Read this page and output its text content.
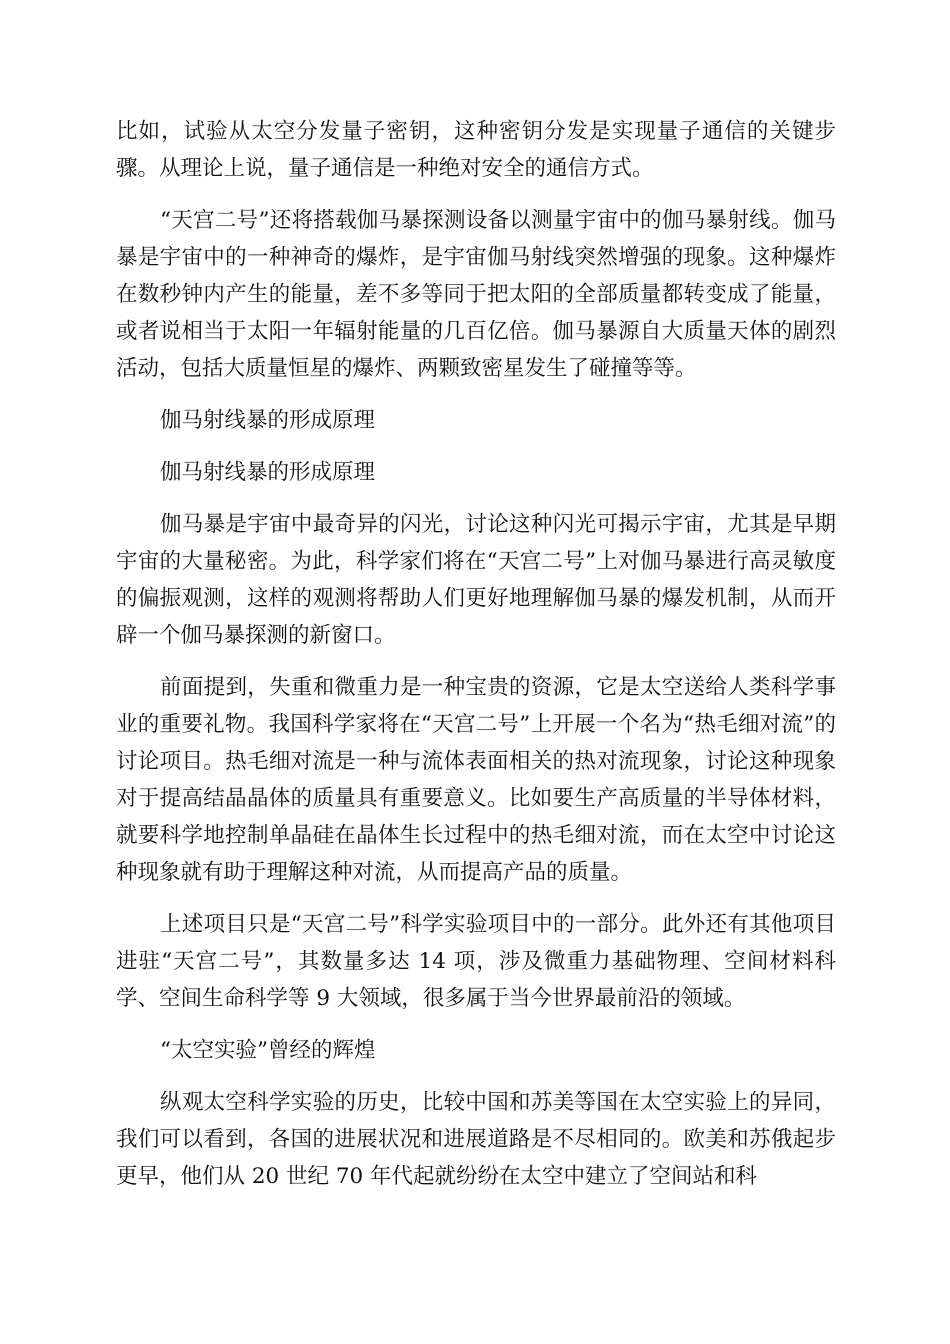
比如，试验从太空分发量子密钥，这种密钥分发是实现量子通信的关键步骤。从理论上说，量子通信是一种绝对安全的通信方式。

“天宫二号”还将搭载伽马暴探测设备以测量宇宙中的伽马暴射线。伽马暴是宇宙中的一种神奇的爆炸，是宇宙伽马射线突然增强的现象。这种爆炸在数秒钟内产生的能量，差不多等同于把太阳的全部质量都转变成了能量，或者说相当于太阳一年辐射能量的几百亿倍。伽马暴源自大质量天体的剧烈活动，包括大质量恒星的爆炸、两颗致密星发生了碰撞等等。

伽马射线暴的形成原理

伽马射线暴的形成原理

伽马暴是宇宙中最奇异的闪光，讨论这种闪光可揭示宇宙，尤其是早期宇宙的大量秘密。为此，科学家们将在“天宫二号”上对伽马暴进行高灵敏度的偏振观测，这样的观测将帮助人们更好地理解伽马暴的爆发机制，从而开辟一个伽马暴探测的新窗口。

前面提到，失重和微重力是一种宝贵的资源，它是太空送给人类科学事业的重要礼物。我国科学家将在“天宫二号”上开展一个名为“热毛细对流”的讨论项目。热毛细对流是一种与流体表面相关的热对流现象，讨论这种现象对于提高结晶晶体的质量具有重要意义。比如要生产高质量的半导体材料，就要科学地控制单晶硅在晶体生长过程中的热毛细对流，而在太空中讨论这种现象就有助于理解这种对流，从而提高产品的质量。

上述项目只是“天宫二号”科学实验项目中的一部分。此外还有其他项目进驻“天宫二号”，其数量多达 14 项，涉及微重力基础物理、空间材料科学、空间生命科学等 9 大领域，很多属于当今世界最前沿的领域。

“太空实验”曾经的辉煌

纵观太空科学实验的历史，比较中国和苏美等国在太空实验上的异同，我们可以看到，各国的进展状况和进展道路是不尽相同的。欧美和苏俄起步更早，他们从 20 世纪 70 年代起就纷纷在太空中建立了空间站和科
